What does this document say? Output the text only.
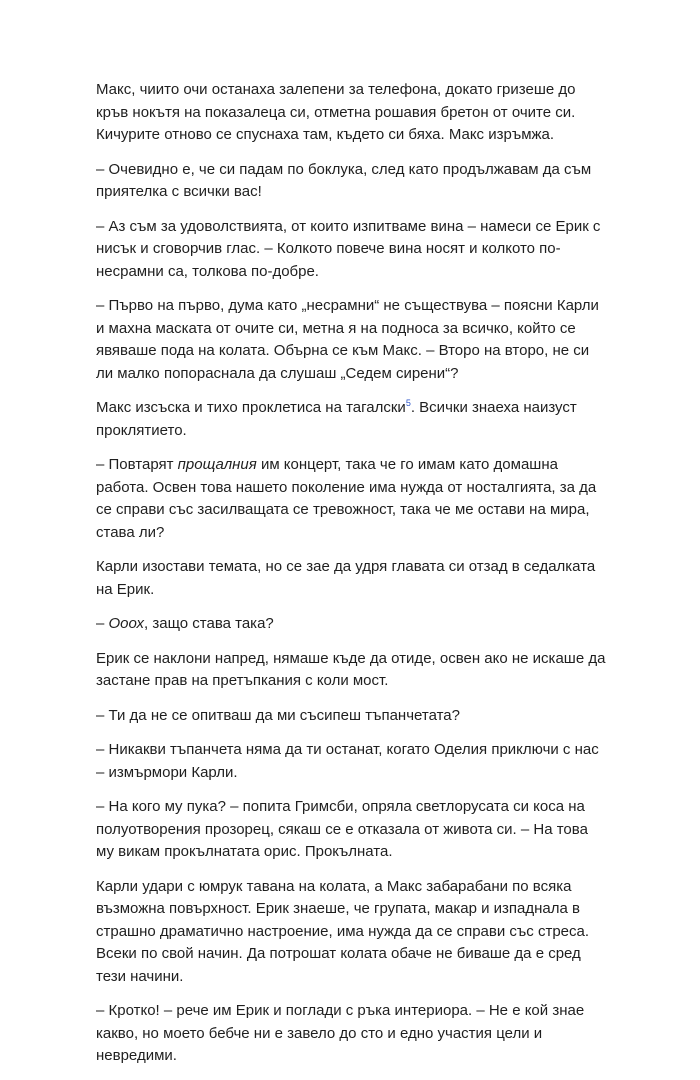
Макс, чиито очи останаха залепени за телефона, докато гризеше до кръв нокътя на показалеца си, отметна рошавия бретон от очите си. Кичурите отново се спуснаха там, където си бяха. Макс изръмжа.

– Очевидно е, че си падам по боклука, след като продължавам да съм приятелка с всички вас!

– Аз съм за удоволствията, от които изпитваме вина – намеси се Ерик с нисък и сговорчив глас. – Колкото повече вина носят и колкото по-несрамни са, толкова по-добре.

– Първо на първо, дума като „несрамни“ не съществува – поясни Карли и махна маската от очите си, метна я на подноса за всичко, който се явяваше пода на колата. Обърна се към Макс. – Второ на второ, не си ли малко попораснала да слушаш „Седем сирени“?

Макс изсъска и тихо проклетиса на тагалски$^5$. Всички знаеха наизуст проклятието.

– Повтарят прощалния им концерт, така че го имам като домашна работа. Освен това нашето поколение има нужда от носталгията, за да се справи със засилващата се тревожност, така че ме остави на мира, става ли?

Карли изостави темата, но се зае да удря главата си отзад в седалката на Ерик.

– Ооох, защо става така?

Ерик се наклони напред, нямаше къде да отиде, освен ако не искаше да застане прав на претъпкания с коли мост.

– Ти да не се опитваш да ми съсипеш тъпанчетата?

– Никакви тъпанчета няма да ти останат, когато Оделия приключи с нас – измърмори Карли.

– На кого му пука? – попита Гримсби, опряла светлорусата си коса на полуотворения прозорец, сякаш се е отказала от живота си. – На това му викам прокълнатата орис. Прокълната.

Карли удари с юмрук тавана на колата, а Макс забарабани по всяка възможна повърхност. Ерик знаеше, че групата, макар и изпаднала в страшно драматично настроение, има нужда да се справи със стреса. Всеки по свой начин. Да потрошат колата обаче не биваше да е сред тези начини.

– Кротко! – рече им Ерик и поглади с ръка интериора. – Не е кой знае какво, но моето бебче ни е завело до сто и едно участия цели и невредими.
